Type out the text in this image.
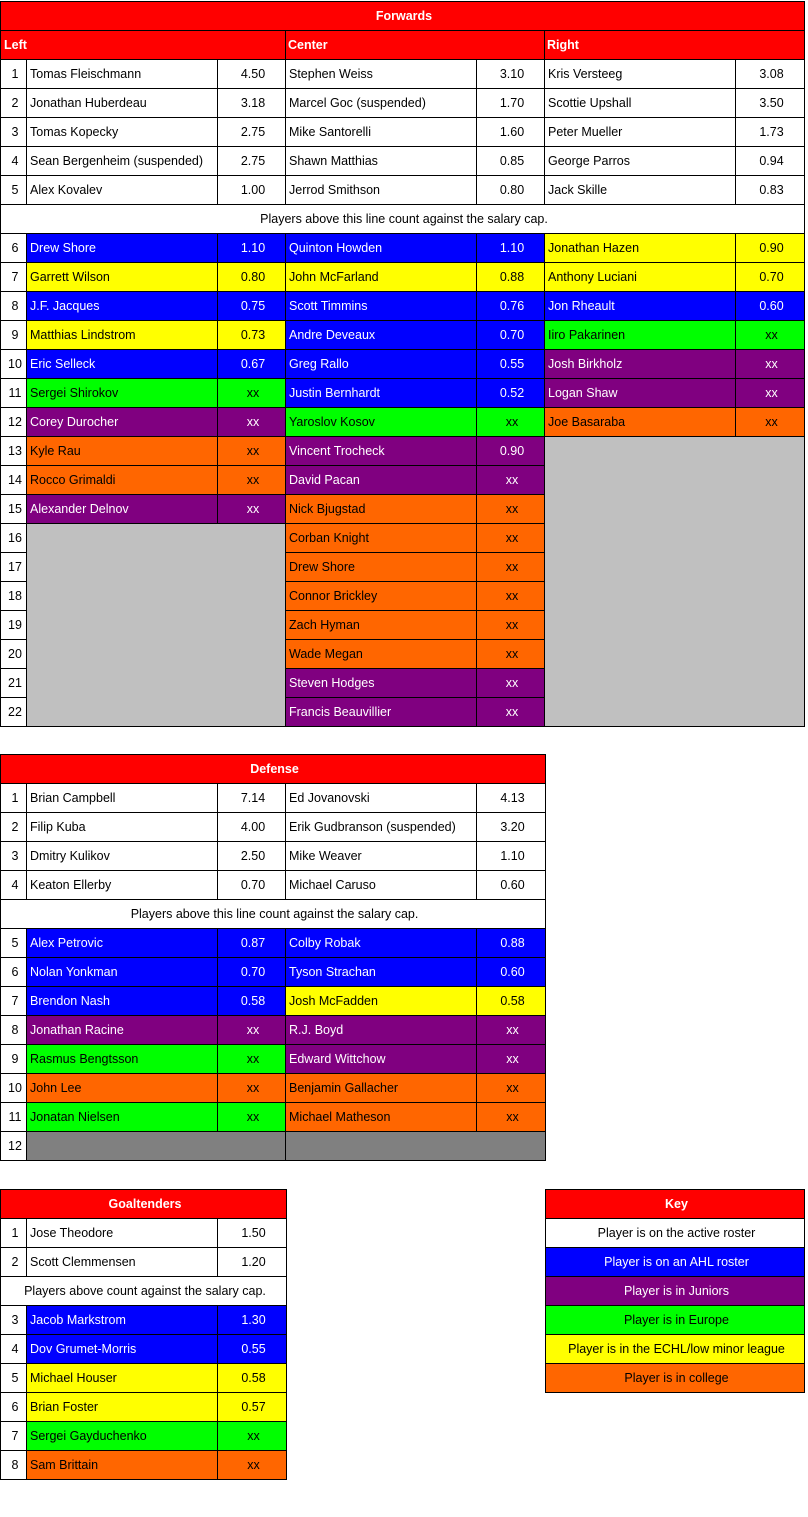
Forwards						
Left			Center		Right	
1	Tomas Fleischmann	4.50	Stephen Weiss	3.10	Kris Versteeg	3.08
2	Jonathan Huberdeau	3.18	Marcel Goc (suspended)	1.70	Scottie Upshall	3.50
3	Tomas Kopecky	2.75	Mike Santorelli	1.60	Peter Mueller	1.73
4	Sean Bergenheim (suspended)	2.75	Shawn Matthias	0.85	George Parros	0.94
5	Alex Kovalev	1.00	Jerrod Smithson	0.80	Jack Skille	0.83
Players above this line count against the salary cap.						
6	Drew Shore	1.10	Quinton Howden	1.10	Jonathan Hazen	0.90
7	Garrett Wilson	0.80	John McFarland	0.88	Anthony Luciani	0.70
8	J.F. Jacques	0.75	Scott Timmins	0.76	Jon Rheault	0.60
9	Matthias Lindstrom	0.73	Andre Deveaux	0.70	Iiro Pakarinen	xx
10	Eric Selleck	0.67	Greg Rallo	0.55	Josh Birkholz	xx
11	Sergei Shirokov	xx	Justin Bernhardt	0.52	Logan Shaw	xx
12	Corey Durocher	xx	Yaroslov Kosov	xx	Joe Basaraba	xx
13	Kyle Rau	xx	Vincent Trocheck	0.90		
14	Rocco Grimaldi	xx	David Pacan	xx		
15	Alexander Delnov	xx	Nick Bjugstad	xx		
16			Corban Knight	xx		
17			Drew Shore	xx		
18			Connor Brickley	xx		
19			Zach Hyman	xx		
20			Wade Megan	xx		
21			Steven Hodges	xx		
22			Francis Beauvillier	xx		
Defense				
1	Brian Campbell	7.14	Ed Jovanovski	4.13
2	Filip Kuba	4.00	Erik Gudbranson (suspended)	3.20
3	Dmitry Kulikov	2.50	Mike Weaver	1.10
4	Keaton Ellerby	0.70	Michael Caruso	0.60
Players above this line count against the salary cap.				
5	Alex Petrovic	0.87	Colby Robak	0.88
6	Nolan Yonkman	0.70	Tyson Strachan	0.60
7	Brendon Nash	0.58	Josh McFadden	0.58
8	Jonathan Racine	xx	R.J. Boyd	xx
9	Rasmus Bengtsson	xx	Edward Wittchow	xx
10	John Lee	xx	Benjamin Gallacher	xx
11	Jonatan Nielsen	xx	Michael Matheson	xx
12				
Goaltenders		
1	Jose Theodore	1.50
2	Scott Clemmensen	1.20
Players above count against the salary cap.		
3	Jacob Markstrom	1.30
4	Dov Grumet-Morris	0.55
5	Michael Houser	0.58
6	Brian Foster	0.57
7	Sergei Gayduchenko	xx
8	Sam Brittain	xx
Key
Player is on the active roster
Player is on an AHL roster
Player is in Juniors
Player is in Europe
Player is in the ECHL/low minor league
Player is in college
